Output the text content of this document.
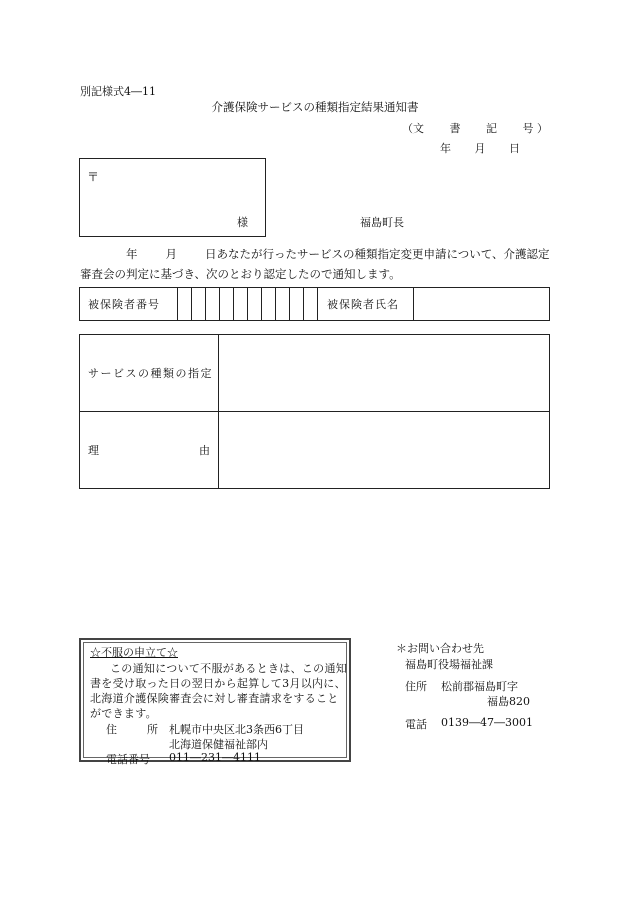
別記様式4―11
介護保険サービスの種類指定結果通知書
（文 書 記 号 ）
年 月 日
〒
様	福島町長
年 月 日あなたが行ったサービスの種類指定変更申請について、介護認定審査会の判定に基づき、次のとおり認定したので通知します。
被保険者番号	被保険者氏名
サービスの種類の指定
理	由
☆不服の申立て☆
この通知について不服があるときは、この通知書を受け取った日の翌日から起算して3月以内に、北海道介護保険審査会に対し審査請求をすることができます。
住	所 札幌市中央区北3条西6丁目
北海道保健福祉部内
電話番号 011―231―4111
＊お問い合わせ先
福島町役場福祉課
住所 松前郡福島町字
福島820
電話 0139―47―3001
